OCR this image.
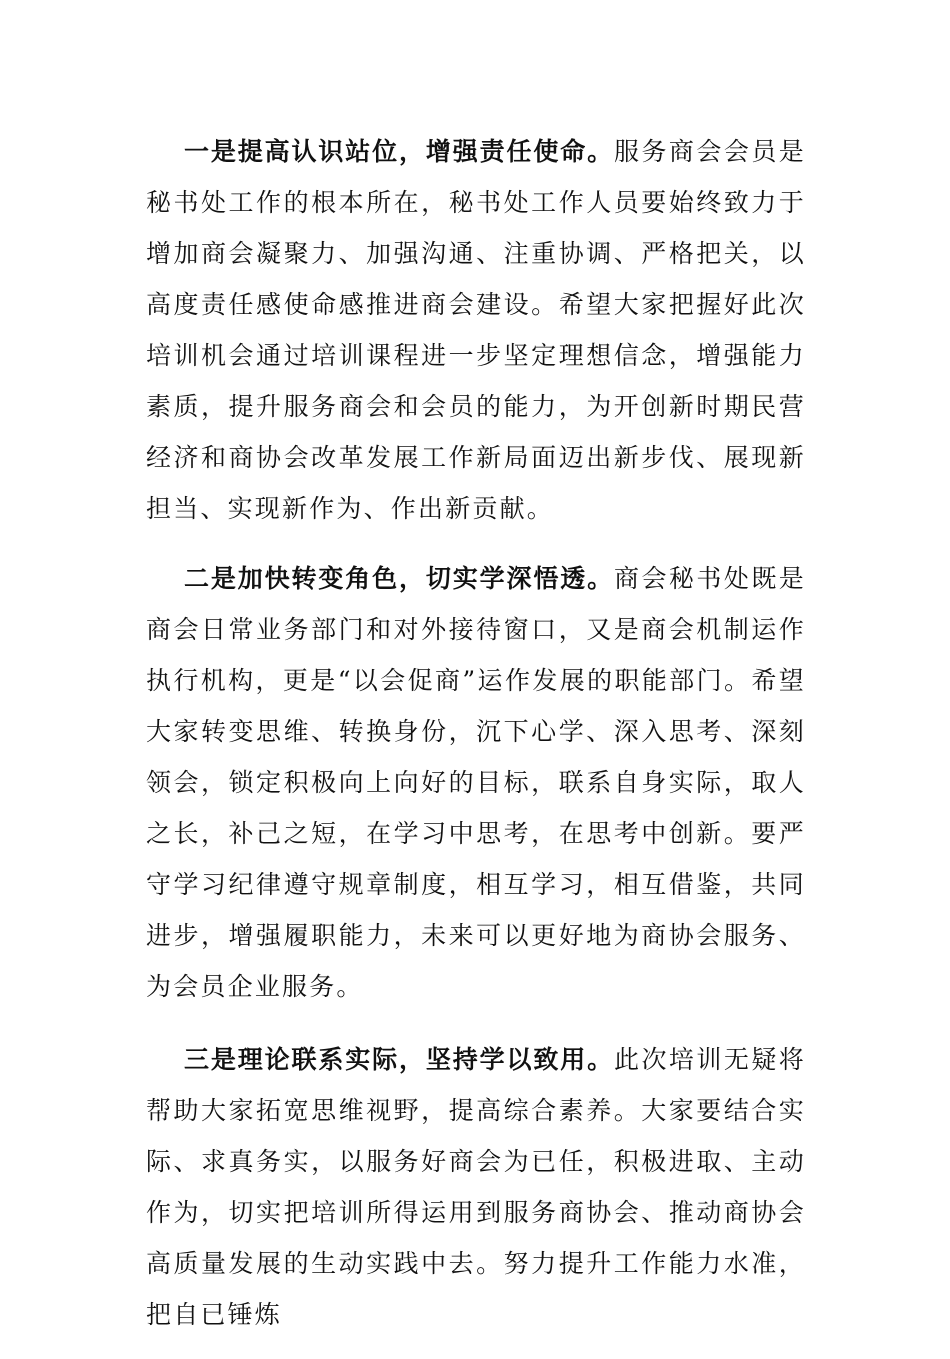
一是提高认识站位，增强责任使命。服务商会会员是秘书处工作的根本所在，秘书处工作人员要始终致力于增加商会凝聚力、加强沟通、注重协调、严格把关，以高度责任感使命感推进商会建设。希望大家把握好此次培训机会通过培训课程进一步坚定理想信念，增强能力素质，提升服务商会和会员的能力，为开创新时期民营经济和商协会改革发展工作新局面迈出新步伐、展现新担当、实现新作为、作出新贡献。

二是加快转变角色，切实学深悟透。商会秘书处既是商会日常业务部门和对外接待窗口，又是商会机制运作执行机构，更是“以会促商”运作发展的职能部门。希望大家转变思维、转换身份，沉下心学、深入思考、深刻领会，锁定积极向上向好的目标，联系自身实际，取人之长，补己之短，在学习中思考，在思考中创新。要严守学习纪律遵守规章制度，相互学习，相互借鉴，共同进步，增强履职能力，未来可以更好地为商协会服务、为会员企业服务。

三是理论联系实际，坚持学以致用。此次培训无疑将帮助大家拓宽思维视野，提高综合素养。大家要结合实际、求真务实，以服务好商会为已任，积极进取、主动作为，切实把培训所得运用到服务商协会、推动商协会高质量发展的生动实践中去。努力提升工作能力水准，把自已锤炼
